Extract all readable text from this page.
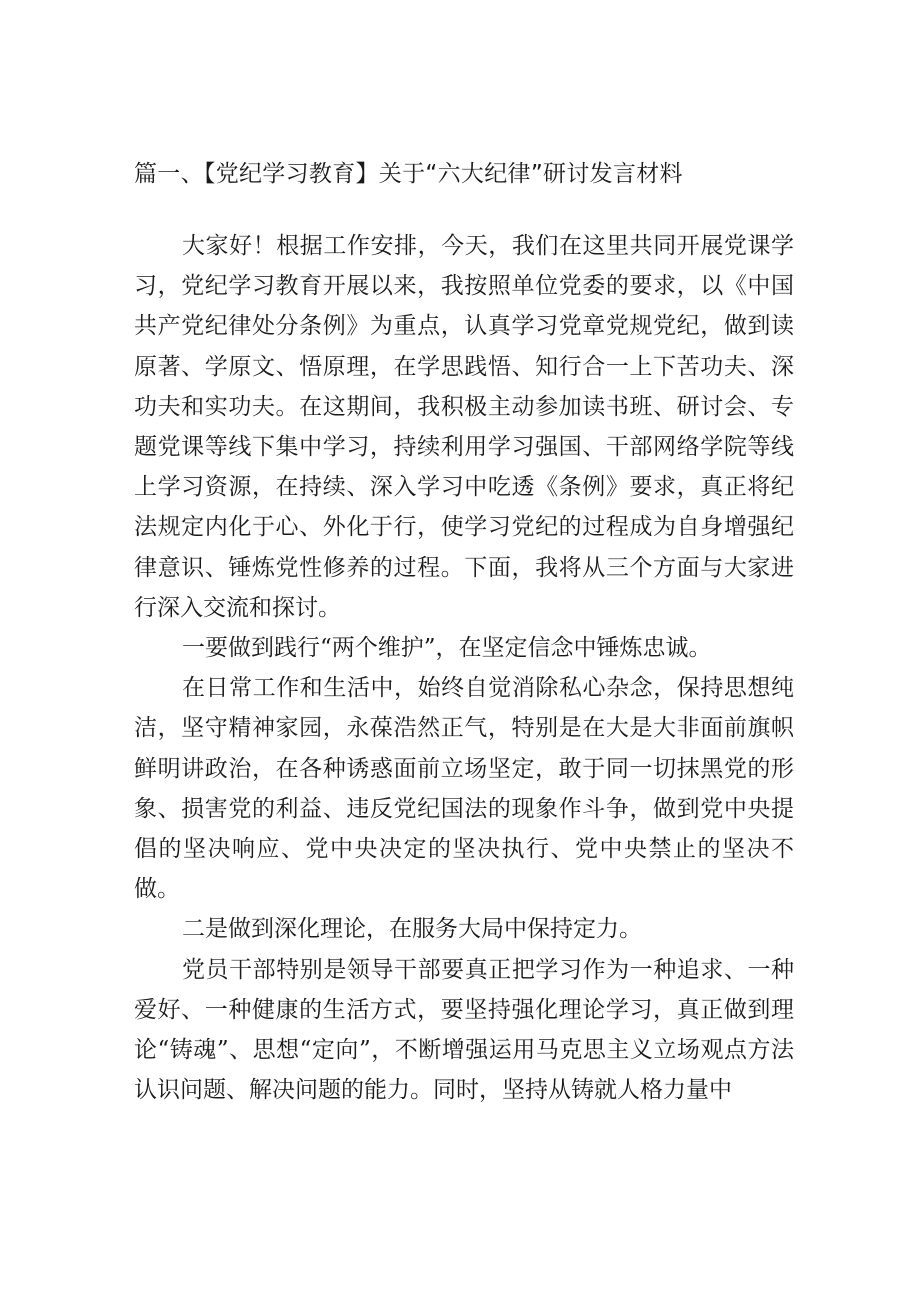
篇一、【党纪学习教育】关于“六大纪律”研讨发言材料

大家好！根据工作安排，今天，我们在这里共同开展党课学习，党纪学习教育开展以来，我按照单位党委的要求，以《中国共产党纪律处分条例》为重点，认真学习党章党规党纪，做到读原著、学原文、悟原理，在学思践悟、知行合一上下苦功夫、深功夫和实功夫。在这期间，我积极主动参加读书班、研讨会、专题党课等线下集中学习，持续利用学习强国、干部网络学院等线上学习资源，在持续、深入学习中吃透《条例》要求，真正将纪法规定内化于心、外化于行，使学习党纪的过程成为自身增强纪律意识、锤炼党性修养的过程。下面，我将从三个方面与大家进行深入交流和探讨。

一要做到践行“两个维护”，在坚定信念中锤炼忠诚。

在日常工作和生活中，始终自觉消除私心杂念，保持思想纯洁，坚守精神家园，永葆浩然正气，特别是在大是大非面前旗帜鲜明讲政治，在各种诱惑面前立场坚定，敢于同一切抹黑党的形象、损害党的利益、违反党纪国法的现象作斗争，做到党中央提倡的坚决响应、党中央决定的坚决执行、党中央禁止的坚决不做。

二是做到深化理论，在服务大局中保持定力。

党员干部特别是领导干部要真正把学习作为一种追求、一种爱好、一种健康的生活方式，要坚持强化理论学习，真正做到理论“铸魂”、思想“定向”，不断增强运用马克思主义立场观点方法认识问题、解决问题的能力。同时，坚持从铸就人格力量中
